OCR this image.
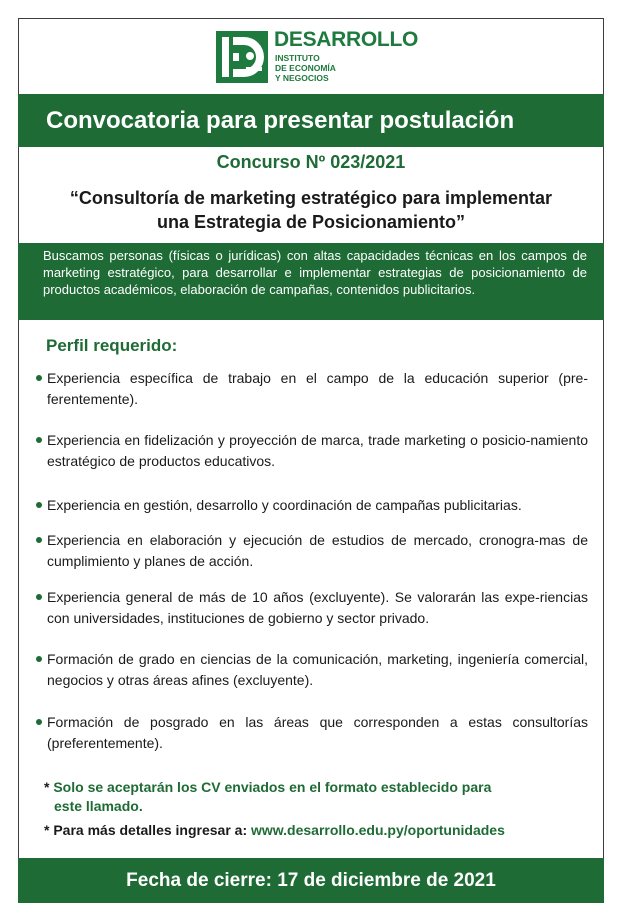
DESARROLLO
INSTITUTO
DE ECONOMÍA
Y NEGOCIOS
Convocatoria para presentar postulación
Concurso Nº 023/2021
“Consultoría de marketing estratégico para implementar
una Estrategia de Posicionamiento”
Buscamos personas (físicas o jurídicas) con altas capacidades técnicas en los campos de marketing estratégico, para desarrollar e implementar estrategias de posicionamiento de productos académicos, elaboración de campañas, contenidos publicitarios.
Perfil requerido:
Experiencia específica de trabajo en el campo de la educación superior (pre-ferentemente).
Experiencia en fidelización y proyección de marca, trade marketing o posicio-namiento estratégico de productos educativos.
Experiencia en gestión, desarrollo y coordinación de campañas publicitarias.
Experiencia en elaboración y ejecución de estudios de mercado, cronogra-mas de cumplimiento y planes de acción.
Experiencia general de más de 10 años (excluyente). Se valorarán las expe-riencias con universidades, instituciones de gobierno y sector privado.
Formación de grado en ciencias de la comunicación, marketing, ingeniería comercial, negocios y otras áreas afines (excluyente).
Formación de posgrado en las áreas que corresponden a estas consultorías (preferentemente).
* Solo se aceptarán los CV enviados en el formato establecido para
este llamado.
* Para más detalles ingresar a: www.desarrollo.edu.py/oportunidades
Fecha de cierre: 17 de diciembre de 2021
